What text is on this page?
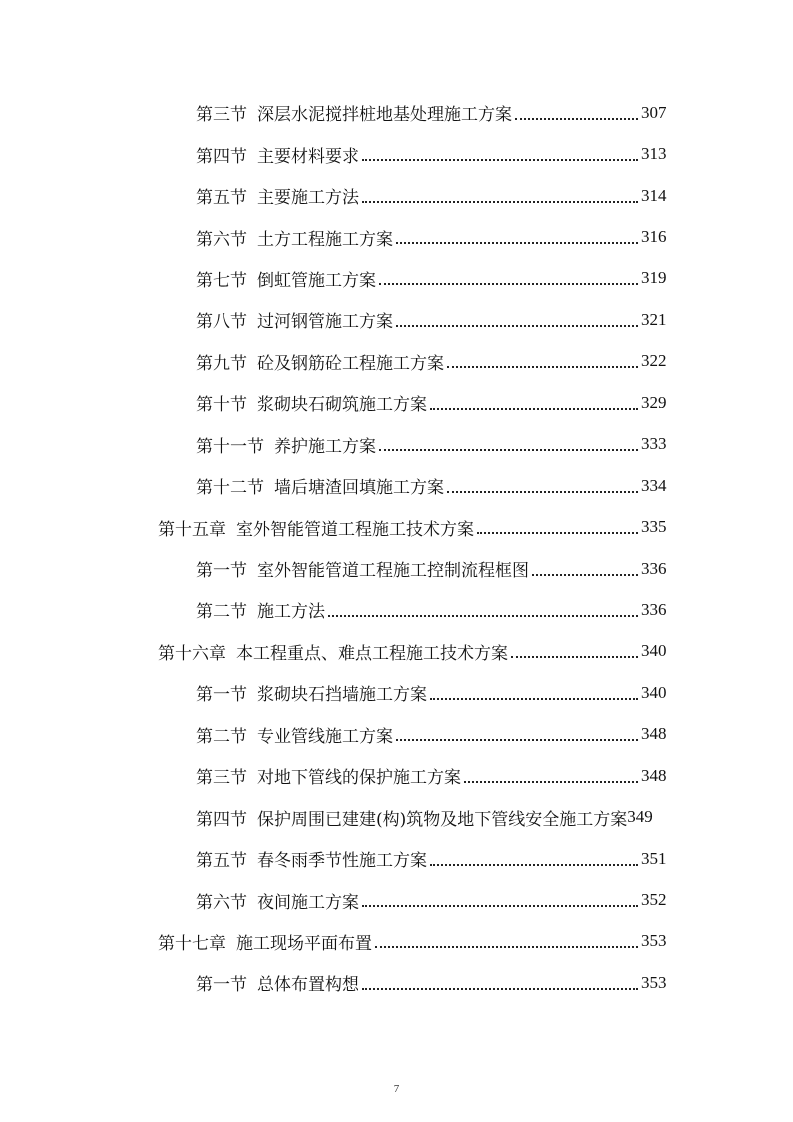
第三节 深层水泥搅拌桩地基处理施工方案	307
第四节 主要材料要求	313
第五节 主要施工方法	314
第六节 土方工程施工方案	316
第七节 倒虹管施工方案	319
第八节 过河钢管施工方案	321
第九节 砼及钢筋砼工程施工方案	322
第十节 浆砌块石砌筑施工方案	329
第十一节 养护施工方案	333
第十二节 墙后塘渣回填施工方案	334
第十五章 室外智能管道工程施工技术方案	335
第一节 室外智能管道工程施工控制流程框图	336
第二节 施工方法	336
第十六章 本工程重点、难点工程施工技术方案	340
第一节 浆砌块石挡墙施工方案	340
第二节 专业管线施工方案	348
第三节 对地下管线的保护施工方案	348
第四节 保护周围已建建(构)筑物及地下管线安全施工方案 349
第五节 春冬雨季节性施工方案	351
第六节 夜间施工方案	352
第十七章 施工现场平面布置	353
第一节 总体布置构想	353
7
